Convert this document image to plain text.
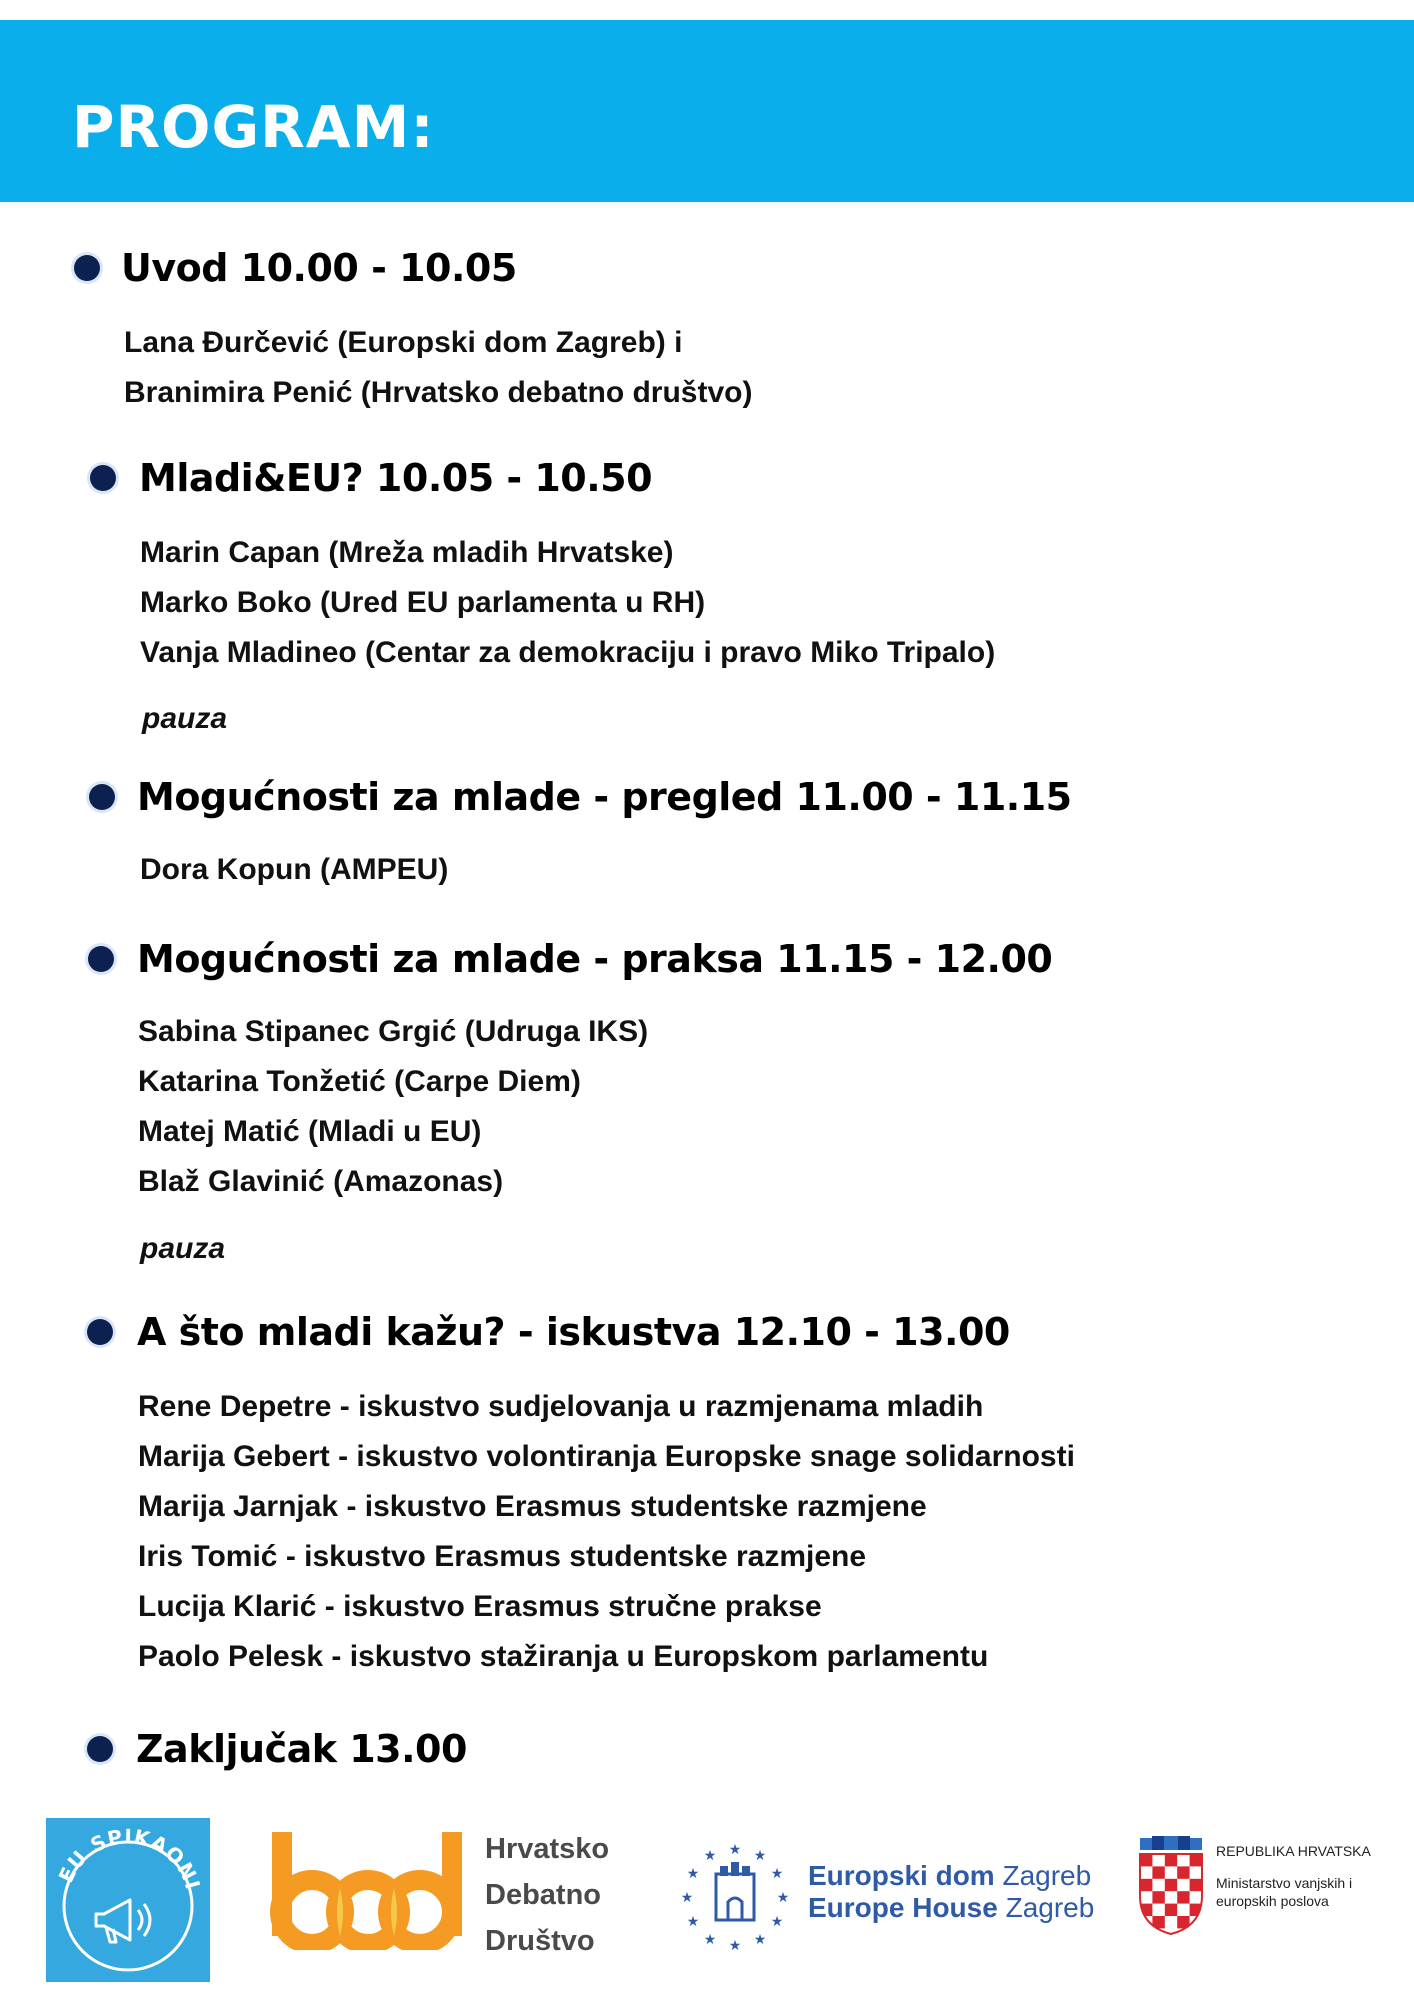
PROGRAM:
Uvod 10.00 - 10.05

Lana Đurčević (Europski dom Zagreb) i

Branimira Penić (Hrvatsko debatno društvo)

Mladi&EU? 10.05 - 10.50

Marin Capan (Mreža mladih Hrvatske)

Marko Boko (Ured EU parlamenta u RH)

Vanja Mladineo (Centar za demokraciju i pravo Miko Tripalo)

pauza

Mogućnosti za mlade - pregled 11.00 - 11.15

Dora Kopun (AMPEU)

Mogućnosti za mlade - praksa 11.15 - 12.00

Sabina Stipanec Grgić (Udruga IKS)

Katarina Tonžetić (Carpe Diem)

Matej Matić (Mladi u EU)

Blaž Glavinić (Amazonas)

pauza

A što mladi kažu? - iskustva 12.10 - 13.00

Rene Depetre - iskustvo sudjelovanja u razmjenama mladih

Marija Gebert - iskustvo volontiranja Europske snage solidarnosti

Marija Jarnjak - iskustvo Erasmus studentske razmjene

Iris Tomić - iskustvo Erasmus studentske razmjene

Lucija Klarić - iskustvo Erasmus stručne prakse

Paolo Pelesk - iskustvo stažiranja u Europskom parlamentu

Zaključak 13.00
EU SPIKAONI

Hrvatsko

Debatno

Društvo

★ ★
★
★
★
★
★
★
★
★
★
★

Europski dom Zagreb

Europe House Zagreb

REPUBLIKA HRVATSKA

Ministarstvo vanjskih i

europskih poslova
